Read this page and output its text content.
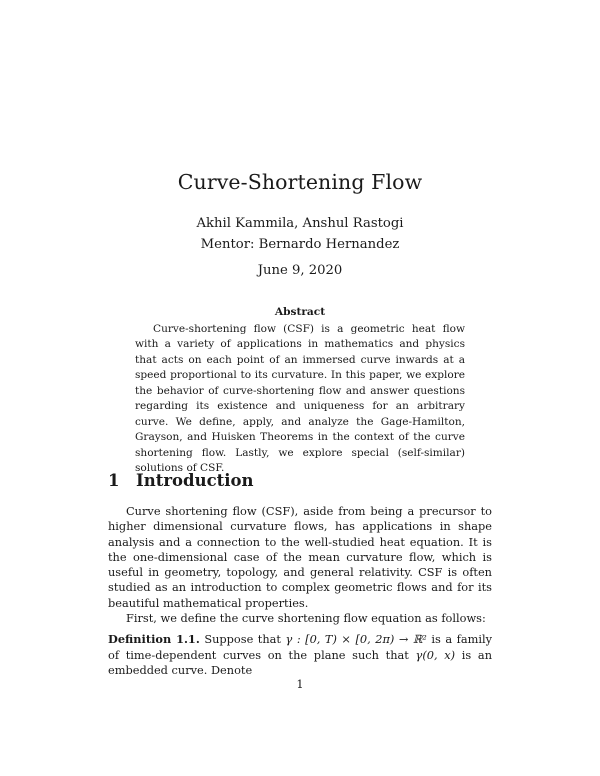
Curve-Shortening Flow
Akhil Kammila, Anshul Rastogi
Mentor: Bernardo Hernandez
June 9, 2020
Abstract
Curve-shortening flow (CSF) is a geometric heat flow with a variety of applications in mathematics and physics that acts on each point of an immersed curve inwards at a speed proportional to its curvature. In this paper, we explore the behavior of curve-shortening flow and answer questions regarding its existence and uniqueness for an arbitrary curve. We define, apply, and analyze the Gage-Hamilton, Grayson, and Huisken Theorems in the context of the curve shortening flow. Lastly, we explore special (self-similar) solutions of CSF.
1 Introduction

Curve shortening flow (CSF), aside from being a precursor to higher dimensional curvature flows, has applications in shape analysis and a connection to the well-studied heat equation. It is the one-dimensional case of the mean curvature flow, which is useful in geometry, topology, and general relativity. CSF is often studied as an introduction to complex geometric flows and for its beautiful mathematical properties.

First, we define the curve shortening flow equation as follows:

Definition 1.1. Suppose that γ : [0, T) × [0, 2π) → ℝ² is a family of time-dependent curves on the plane such that γ(0, x) is an embedded curve. Denote

1
